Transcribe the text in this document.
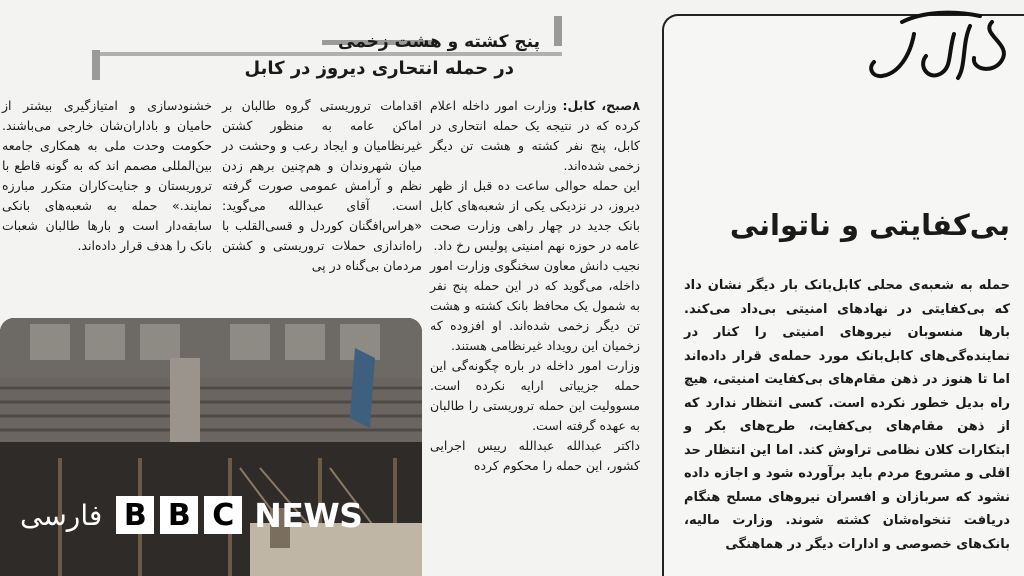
پنج کشته و هشت زخمی
در حمله انتحاری دیروز در کابل

۸صبح، کابل: وزارت امور داخله اعلام کرده که در نتیجه یک حمله انتحاری در کابل، پنج نفر کشته و هشت تن دیگر زخمی شده‌اند.

این حمله حوالی ساعت ده قبل از ظهر دیروز، در نزدیکی یکی از شعبه‌های کابل بانک جدید در چهار راهی وزارت صحت عامه در حوزه نهم امنیتی پولیس رخ داد.

نجیب دانش معاون سخنگوی وزارت امور داخله، می‌گوید که در این حمله پنج نفر به شمول یک محافظ بانک کشته و هشت تن دیگر زخمی شده‌اند. او افزوده که زخمیان این رویداد غیرنظامی هستند.

وزارت امور داخله در باره چگونه‌گی این حمله جزییاتی ارایه نکرده است. مسوولیت این حمله تروریستی را طالبان به عهده گرفته است.

داکتر عبدالله عبدالله رییس اجرایی کشور، این حمله را محکوم کرده

اقدامات تروریستی گروه طالبان بر اماکن عامه به منظور کشتن غیرنظامیان و ایجاد رعب و وحشت در میان شهروندان و هم‌چنین برهم زدن نظم و آرامش عمومی صورت گرفته است. آقای عبدالله می‌گوید: «هراس‌افگنان کوردل و قسی‌القلب با راه‌اندازی حملات تروریستی و کشتن مردمان بی‌گناه در پی

خشنودسازی و امتیازگیری بیشتر از حامیان و باداران‌شان خارجی می‌باشند. حکومت وحدت ملی به همکاری جامعه بین‌المللی مصمم اند که به گونه قاطع با تروریستان و جنایت‌کاران متکرر مبارزه نمایند.» حمله به شعبه‌های بانکی سابقه‌دار است و بارها طالبان شعبات بانک را هدف قرار داده‌اند.

فارسی B B C NEWS
بی‌کفایتی و ناتوانی
حمله به شعبه‌ی محلی کابل‌بانک بار دیگر نشان داد که بی‌کفایتی در نهادهای امنیتی بی‌داد می‌کند. بارها منسوبان نیروهای امنیتی را کنار در نماینده‌گی‌های کابل‌بانک مورد حمله‌ی قرار داده‌اند اما تا هنوز در ذهن مقام‌های بی‌کفایت امنیتی، هیچ راه بدیل خطور نکرده است. کسی انتظار ندارد که از ذهن مقام‌های بی‌کفایت، طرح‌های بکر و ابتکارات کلان نظامی تراوش کند. اما این انتظار حد اقلی و مشروع مردم باید برآورده شود و اجازه داده نشود که سربازان و افسران نیروهای مسلح هنگام دریافت تنخواه‌شان کشته شوند. وزارت مالیه، بانک‌های خصوصی و ادارات دیگر در هماهنگی
